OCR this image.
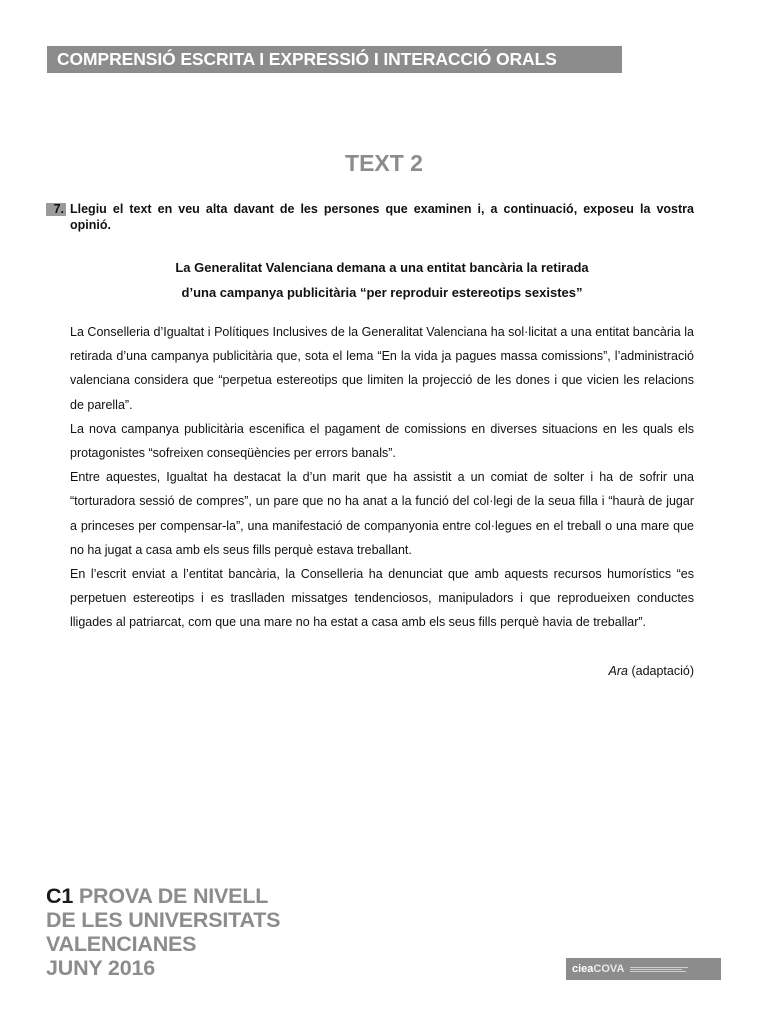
COMPRENSIÓ ESCRITA I EXPRESSIÓ I INTERACCIÓ ORALS
TEXT 2
7. Llegiu el text en veu alta davant de les persones que examinen i, a continuació, exposeu la vostra opinió.
La Generalitat Valenciana demana a una entitat bancària la retirada
d’una campanya publicitària “per reproduir estereotips sexistes”

La Conselleria d’Igualtat i Polítiques Inclusives de la Generalitat Valenciana ha sol·licitat a una entitat bancària la retirada d’una campanya publicitària que, sota el lema “En la vida ja pagues massa comissions”, l’administració valenciana considera que “perpetua estereotips que limiten la projecció de les dones i que vicien les relacions de parella”.

La nova campanya publicitària escenifica el pagament de comissions en diverses situacions en les quals els protagonistes “sofreixen conseqüències per errors banals”.

Entre aquestes, Igualtat ha destacat la d’un marit que ha assistit a un comiat de solter i ha de sofrir una “torturadora sessió de compres”, un pare que no ha anat a la funció del col·legi de la seua filla i “haurà de jugar a princeses per compensar-la”, una manifestació de companyonia entre col·legues en el treball o una mare que no ha jugat a casa amb els seus fills perquè estava treballant.

En l’escrit enviat a l’entitat bancària, la Conselleria ha denunciat que amb aquests recursos humorístics “es perpetuen estereotips i es traslladen missatges tendenciosos, manipuladors i que reprodueixen conductes lligades al patriarcat, com que una mare no ha estat a casa amb els seus fills perquè havia de treballar”.

Ara (adaptació)
C1 PROVA DE NIVELL
DE LES UNIVERSITATS
VALENCIANES
JUNY 2016	ciea COVA
